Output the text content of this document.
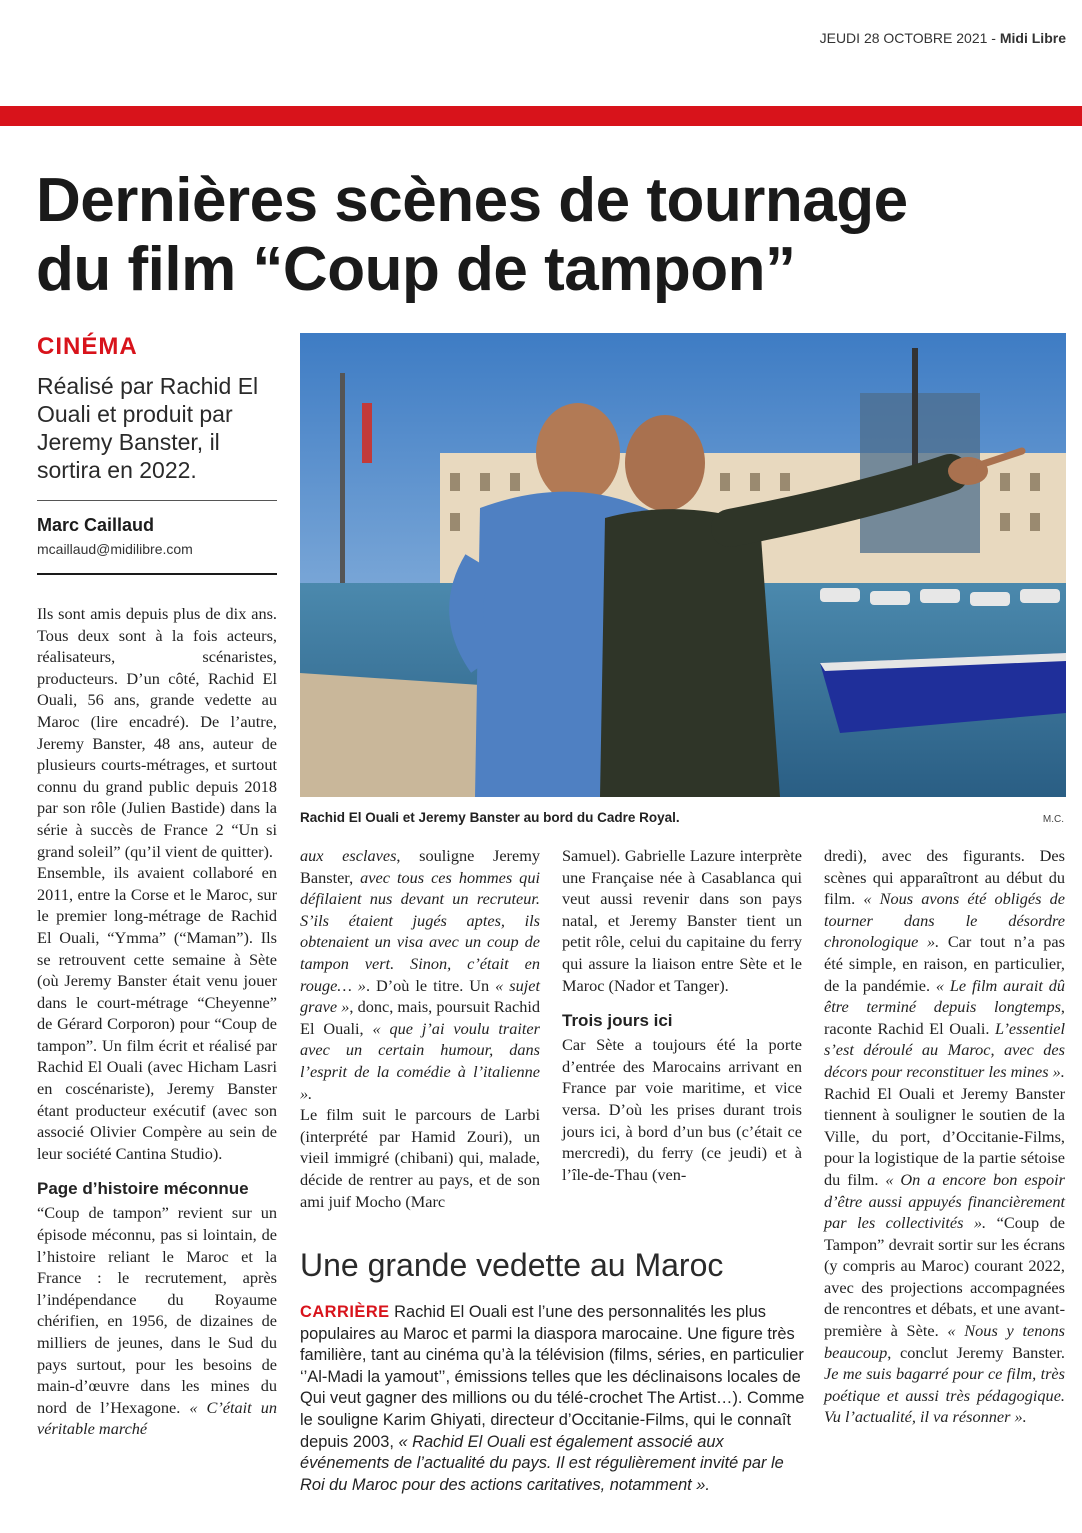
JEUDI 28 OCTOBRE 2021 - Midi Libre
Dernières scènes de tournage
du film “Coup de tampon”
CINÉMA
Réalisé par Rachid El Ouali et produit par Jeremy Banster, il sortira en 2022.
Marc Caillaud
mcaillaud@midilibre.com
Rachid El Ouali et Jeremy Banster au bord du Cadre Royal.	M.C.

Ils sont amis depuis plus de dix ans. Tous deux sont à la fois acteurs, réalisateurs, scénaristes, producteurs. D’un côté, Rachid El Ouali, 56 ans, grande vedette au Maroc (lire encadré). De l’autre, Jeremy Banster, 48 ans, auteur de plusieurs courts-métrages, et surtout connu du grand public depuis 2018 par son rôle (Julien Bastide) dans la série à succès de France 2 “Un si grand soleil” (qu’il vient de quitter).

Ensemble, ils avaient collaboré en 2011, entre la Corse et le Maroc, sur le premier long-métrage de Rachid El Ouali, “Ymma” (“Maman”). Ils se retrouvent cette semaine à Sète (où Jeremy Banster était venu jouer dans le court-métrage “Cheyenne” de Gérard Corporon) pour “Coup de tampon”. Un film écrit et réalisé par Rachid El Ouali (avec Hicham Lasri en coscénariste), Jeremy Banster étant producteur exécutif (avec son associé Olivier Compère au sein de leur société Cantina Studio).

Page d’histoire méconnue

“Coup de tampon” revient sur un épisode méconnu, pas si lointain, de l’histoire reliant le Maroc et la France : le recrutement, après l’indépendance du Royaume chérifien, en 1956, de dizaines de milliers de jeunes, dans le Sud du pays surtout, pour les besoins de main-d’œuvre dans les mines du nord de l’Hexagone. « C’était un véritable marché

aux esclaves, souligne Jeremy Banster, avec tous ces hommes qui défilaient nus devant un recruteur. S’ils étaient jugés aptes, ils obtenaient un visa avec un coup de tampon vert. Sinon, c’était en rouge… ». D’où le titre. Un « sujet grave », donc, mais, poursuit Rachid El Ouali, « que j’ai voulu traiter avec un certain humour, dans l’esprit de la comédie à l’italienne ».

Le film suit le parcours de Larbi (interprété par Hamid Zouri), un vieil immigré (chibani) qui, malade, décide de rentrer au pays, et de son ami juif Mocho (Marc

Samuel). Gabrielle Lazure interprète une Française née à Casablanca qui veut aussi revenir dans son pays natal, et Jeremy Banster tient un petit rôle, celui du capitaine du ferry qui assure la liaison entre Sète et le Maroc (Nador et Tanger).

Trois jours ici

Car Sète a toujours été la porte d’entrée des Marocains arrivant en France par voie maritime, et vice versa. D’où les prises durant trois jours ici, à bord d’un bus (c’était ce mercredi), du ferry (ce jeudi) et à l’île-de-Thau (ven-

dredi), avec des figurants. Des scènes qui apparaîtront au début du film. « Nous avons été obligés de tourner dans le désordre chronologique ». Car tout n’a pas été simple, en raison, en particulier, de la pandémie. « Le film aurait dû être terminé depuis longtemps, raconte Rachid El Ouali. L’essentiel s’est déroulé au Maroc, avec des décors pour reconstituer les mines ».

Rachid El Ouali et Jeremy Banster tiennent à souligner le soutien de la Ville, du port, d’Occitanie-Films, pour la logistique de la partie sétoise du film. « On a encore bon espoir d’être aussi appuyés financièrement par les collectivités ». “Coup de Tampon” devrait sortir sur les écrans (y compris au Maroc) courant 2022, avec des projections accompagnées de rencontres et débats, et une avant-première à Sète. « Nous y tenons beaucoup, conclut Jeremy Banster. Je me suis bagarré pour ce film, très poétique et aussi très pédagogique. Vu l’actualité, il va résonner ».

Une grande vedette au Maroc
CARRIÈRE Rachid El Ouali est l’une des personnalités les plus populaires au Maroc et parmi la diaspora marocaine. Une figure très familière, tant au cinéma qu’à la télévision (films, séries, en particulier ‘’Al-Madi la yamout’’, émissions telles que les déclinaisons locales de Qui veut gagner des millions ou du télé-crochet The Artist…). Comme le souligne Karim Ghiyati, directeur d’Occitanie-Films, qui le connaît depuis 2003, « Rachid El Ouali est également associé aux événements de l’actualité du pays. Il est régulièrement invité par le Roi du Maroc pour des actions caritatives, notamment ».
